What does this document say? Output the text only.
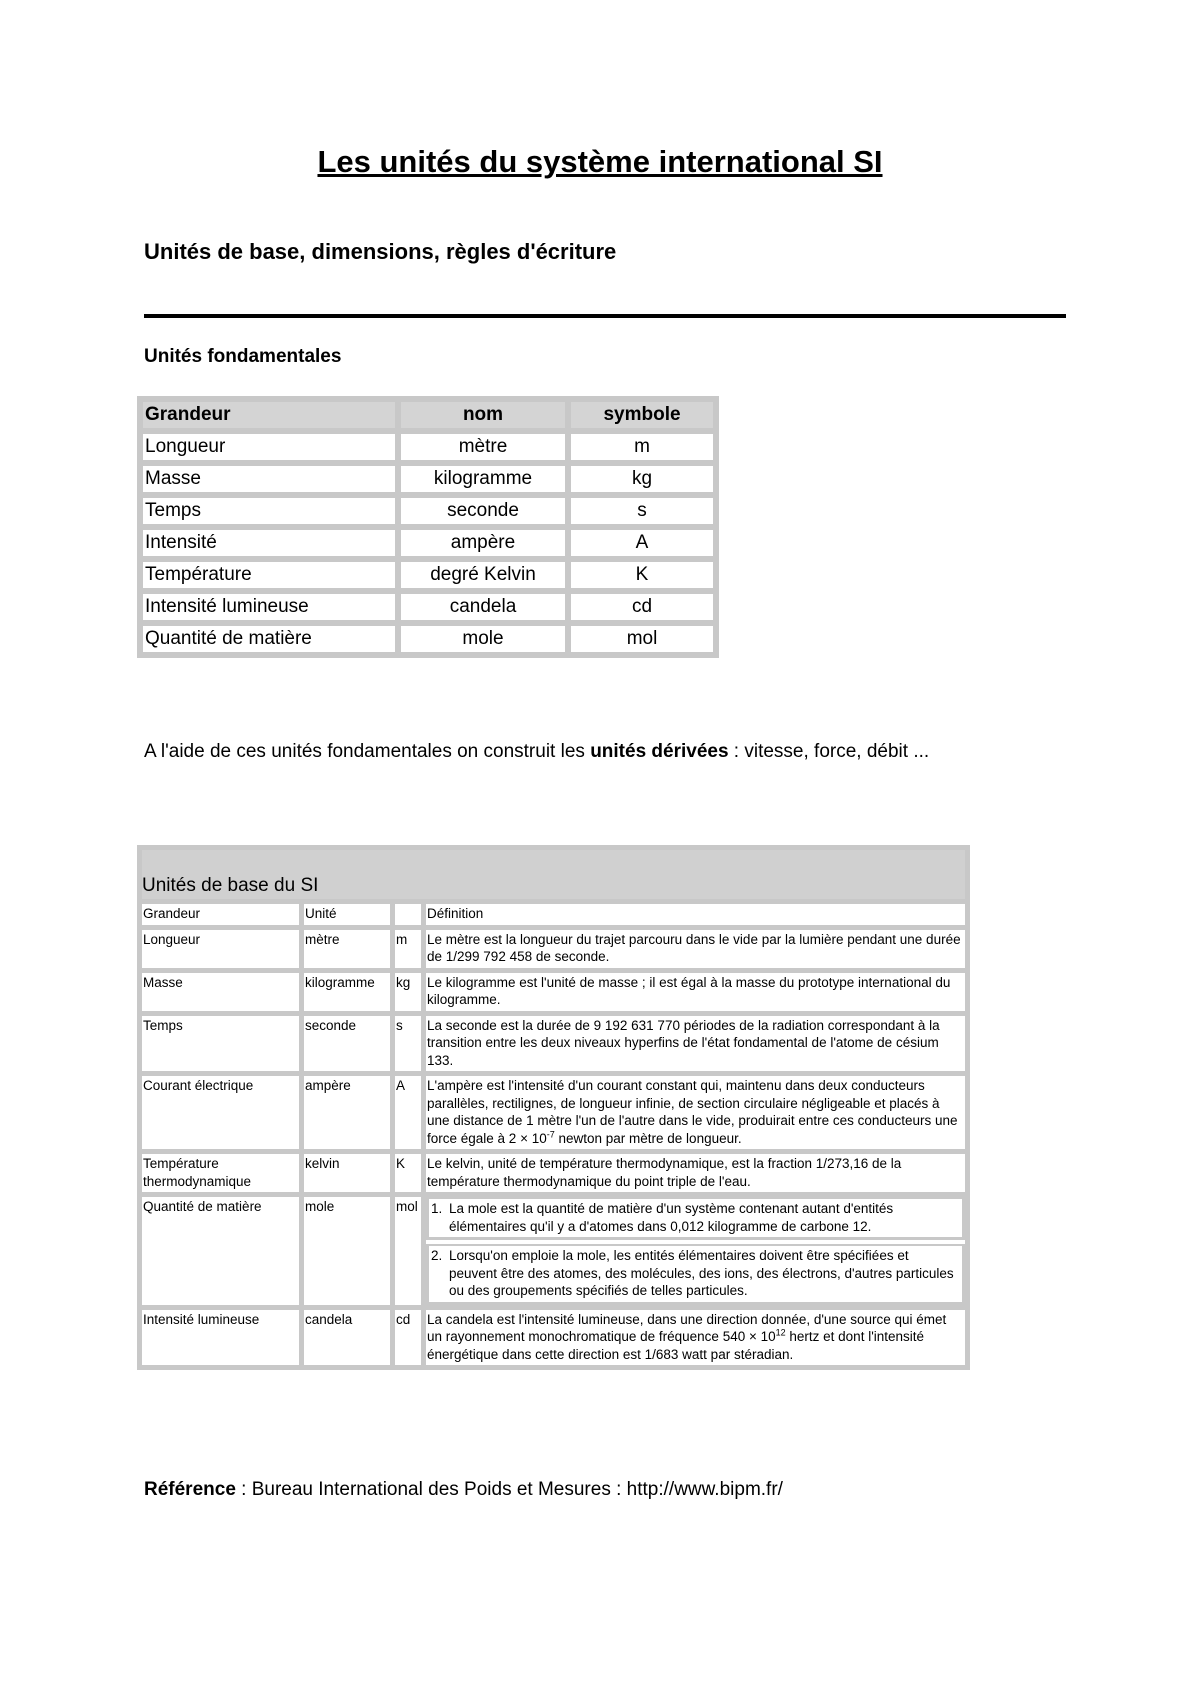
Les unités du système international SI
Unités de base, dimensions, règles d'écriture
Unités fondamentales
Grandeur	nom	symbole
Longueur	mètre	m
Masse	kilogramme	kg
Temps	seconde	s
Intensité	ampère	A
Température	degré Kelvin	K
Intensité lumineuse	candela	cd
Quantité de matière	mole	mol

A l'aide de ces unités fondamentales on construit les unités dérivées : vitesse, force, débit ...

Unités de base du SI			
Grandeur	Unité		Définition
Longueur	mètre	m	Le mètre est la longueur du trajet parcouru dans le vide par la lumière pendant une durée de 1/299 792 458 de seconde.
Masse	kilogramme	kg	Le kilogramme est l'unité de masse ; il est égal à la masse du prototype international du kilogramme.
Temps	seconde	s	La seconde est la durée de 9 192 631 770 périodes de la radiation correspondant à la transition entre les deux niveaux hyperfins de l'état fondamental de l'atome de césium 133.
Courant électrique	ampère	A	L'ampère est l'intensité d'un courant constant qui, maintenu dans deux conducteurs parallèles, rectilignes, de longueur infinie, de section circulaire négligeable et placés à une distance de 1 mètre l'un de l'autre dans le vide, produirait entre ces conducteurs une force égale à $2 \times 10^{-7}$ newton par mètre de longueur.
Température thermodynamique	kelvin	K	Le kelvin, unité de température thermodynamique, est la fraction 1/273,16 de la température thermodynamique du point triple de l'eau.
Quantité de matière	mole	mol	1. La mole est la quantité de matière d'un système contenant autant d'entités élémentaires qu'il y a d'atomes dans 0,012 kilogramme de carbone 12.
2. Lorsqu'on emploie la mole, les entités élémentaires doivent être spécifiées et peuvent être des atomes, des molécules, des ions, des électrons, d'autres particules ou des groupements spécifiés de telles particules.

Intensité lumineuse	candela	cd	La candela est l'intensité lumineuse, dans une direction donnée, d'une source qui émet un rayonnement monochromatique de fréquence $540 \times 10^{12}$ hertz et dont l'intensité énergétique dans cette direction est 1/683 watt par stéradian.

Référence : Bureau International des Poids et Mesures : http://www.bipm.fr/
